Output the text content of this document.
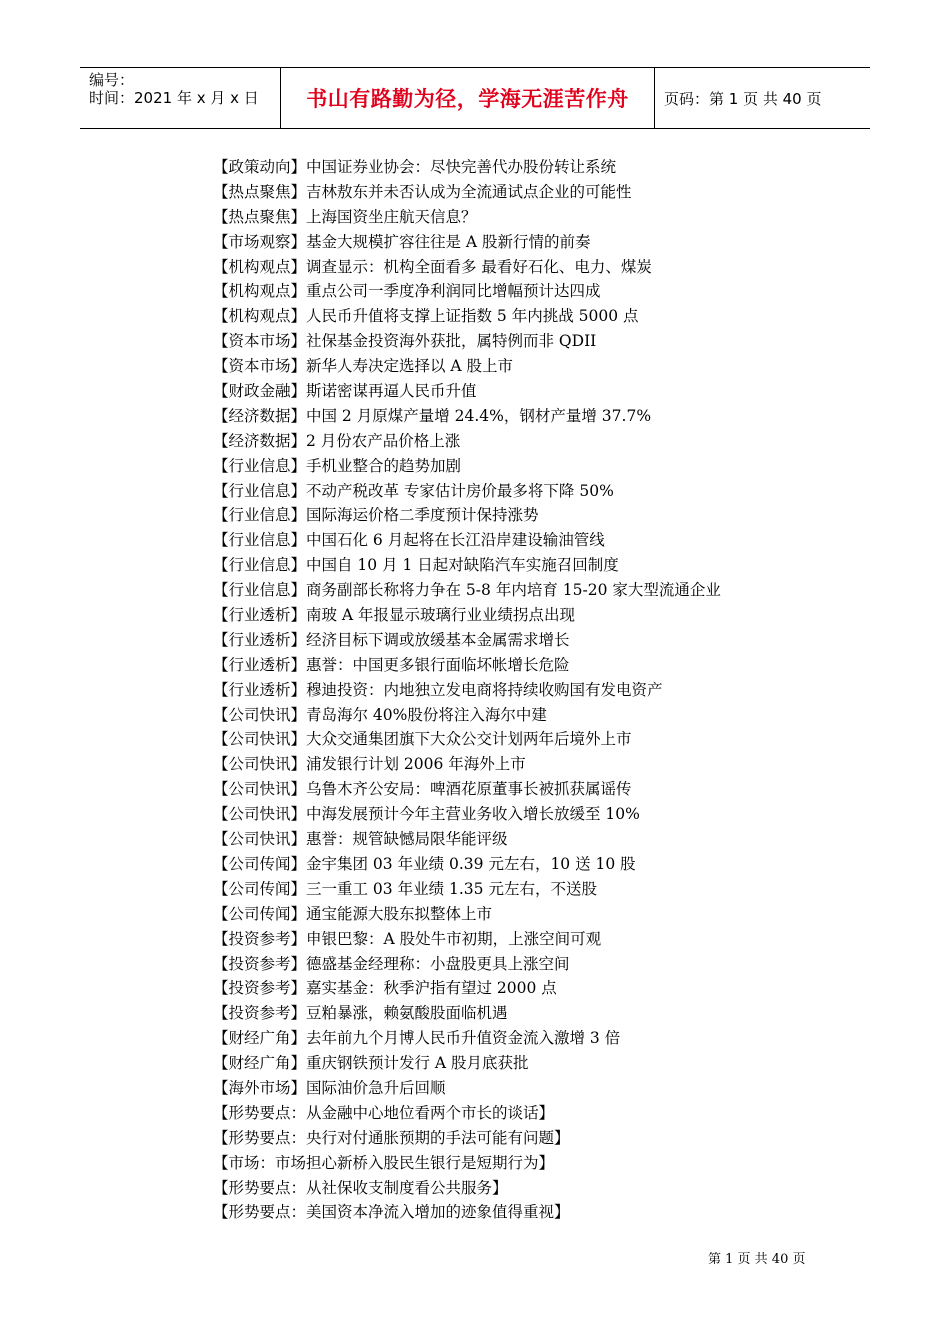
编号：
时间：2021 年 x 月 x 日	书山有路勤为径，学海无涯苦作舟	页码：第 1 页 共 40 页
【政策动向】中国证券业协会：尽快完善代办股份转让系统
【热点聚焦】吉林敖东并未否认成为全流通试点企业的可能性
【热点聚焦】上海国资坐庄航天信息？
【市场观察】基金大规模扩容往往是 A 股新行情的前奏
【机构观点】调查显示：机构全面看多 最看好石化、电力、煤炭
【机构观点】重点公司一季度净利润同比增幅预计达四成
【机构观点】人民币升值将支撑上证指数 5 年内挑战 5000 点
【资本市场】社保基金投资海外获批，属特例而非 QDII
【资本市场】新华人寿决定选择以 A 股上市
【财政金融】斯诺密谋再逼人民币升值
【经济数据】中国 2 月原煤产量增 24.4%，钢材产量增 37.7%
【经济数据】2 月份农产品价格上涨
【行业信息】手机业整合的趋势加剧
【行业信息】不动产税改革 专家估计房价最多将下降 50%
【行业信息】国际海运价格二季度预计保持涨势
【行业信息】中国石化 6 月起将在长江沿岸建设输油管线
【行业信息】中国自 10 月 1 日起对缺陷汽车实施召回制度
【行业信息】商务副部长称将力争在 5-8 年内培育 15-20 家大型流通企业
【行业透析】南玻 A 年报显示玻璃行业业绩拐点出现
【行业透析】经济目标下调或放缓基本金属需求增长
【行业透析】惠誉：中国更多银行面临坏帐增长危险
【行业透析】穆迪投资：内地独立发电商将持续收购国有发电资产
【公司快讯】青岛海尔 40%股份将注入海尔中建
【公司快讯】大众交通集团旗下大众公交计划两年后境外上市
【公司快讯】浦发银行计划 2006 年海外上市
【公司快讯】乌鲁木齐公安局：啤酒花原董事长被抓获属谣传
【公司快讯】中海发展预计今年主营业务收入增长放缓至 10%
【公司快讯】惠誉：规管缺憾局限华能评级
【公司传闻】金宇集团 03 年业绩 0.39 元左右，10 送 10 股
【公司传闻】三一重工 03 年业绩 1.35 元左右，不送股
【公司传闻】通宝能源大股东拟整体上市
【投资参考】申银巴黎：A 股处牛市初期，上涨空间可观
【投资参考】德盛基金经理称：小盘股更具上涨空间
【投资参考】嘉实基金：秋季沪指有望过 2000 点
【投资参考】豆粕暴涨，赖氨酸股面临机遇
【财经广角】去年前九个月博人民币升值资金流入激增 3 倍
【财经广角】重庆钢铁预计发行 A 股月底获批
【海外市场】国际油价急升后回顺
【形势要点：从金融中心地位看两个市长的谈话】
【形势要点：央行对付通胀预期的手法可能有问题】
【市场：市场担心新桥入股民生银行是短期行为】
【形势要点：从社保收支制度看公共服务】
【形势要点：美国资本净流入增加的迹象值得重视】
第 1 页 共 40 页
